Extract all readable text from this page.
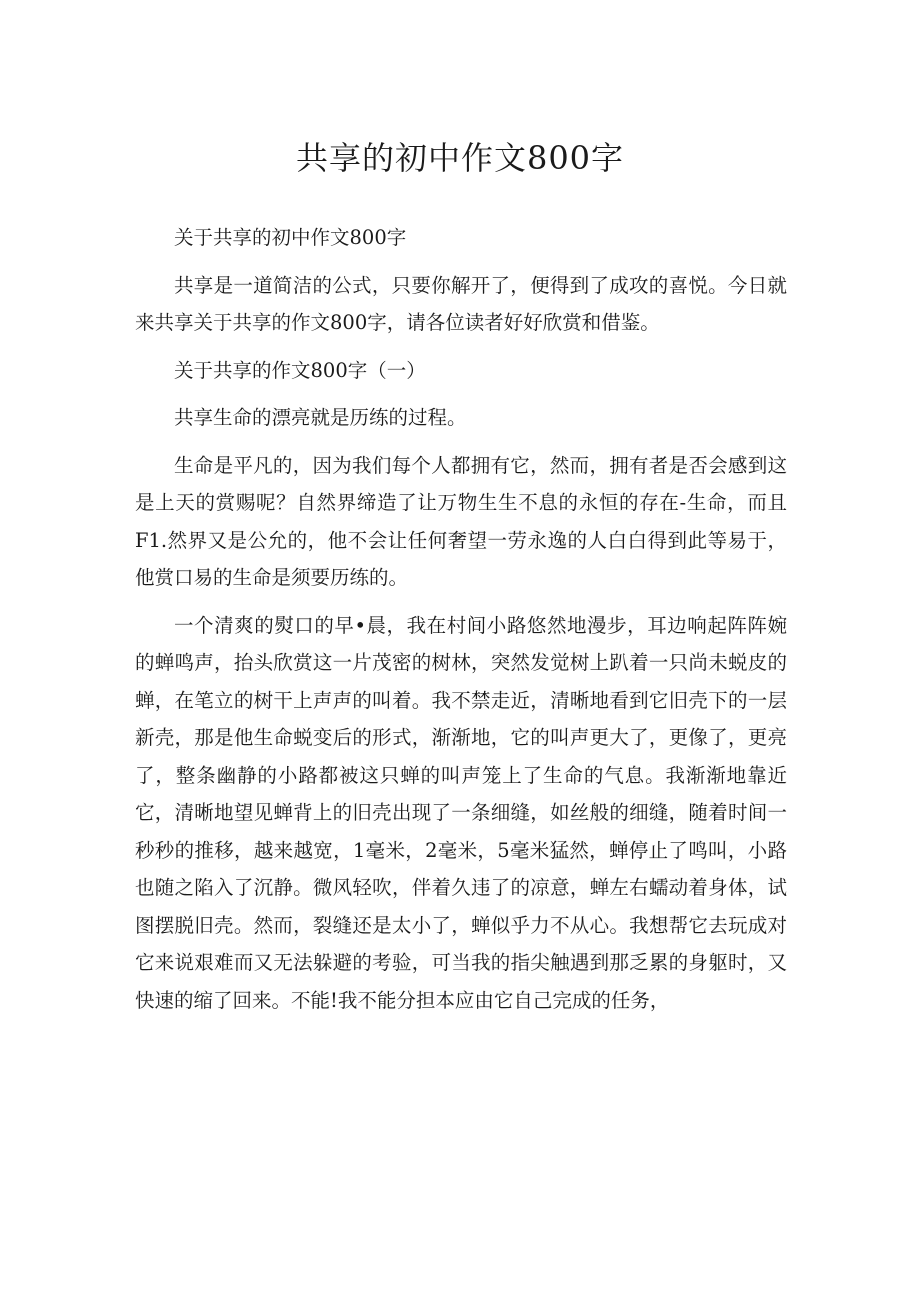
共享的初中作文800字

关于共享的初中作文800字

共享是一道简洁的公式，只要你解开了，便得到了成攻的喜悦。今日就来共享关于共享的作文800字，请各位读者好好欣赏和借鉴。

关于共享的作文800字（一）

共享生命的漂亮就是历练的过程。

生命是平凡的，因为我们每个人都拥有它，然而，拥有者是否会感到这是上天的赏赐呢？自然界缔造了让万物生生不息的永恒的存在-生命，而且F1.然界又是公允的，他不会让任何奢望一劳永逸的人白白得到此等易于，他赏口易的生命是须要历练的。

一个清爽的熨口的早•晨，我在村间小路悠然地漫步，耳边响起阵阵婉的蝉鸣声，抬头欣赏这一片茂密的树林，突然发觉树上趴着一只尚未蜕皮的蝉，在笔立的树干上声声的叫着。我不禁走近，清晰地看到它旧壳下的一层新壳，那是他生命蜕变后的形式，渐渐地，它的叫声更大了，更像了，更亮了，整条幽静的小路都被这只蝉的叫声笼上了生命的气息。我渐渐地靠近它，清晰地望见蝉背上的旧壳出现了一条细缝，如丝般的细缝，随着时间一秒秒的推移，越来越宽，1毫米，2毫米，5毫米猛然，蝉停止了鸣叫，小路也随之陷入了沉静。微风轻吹，伴着久违了的凉意，蝉左右蠕动着身体，试图摆脱旧壳。然而，裂缝还是太小了，蝉似乎力不从心。我想帮它去玩成对它来说艰难而又无法躲避的考验，可当我的指尖触遇到那乏累的身躯时，又快速的缩了回来。不能!我不能分担本应由它自己完成的任务，
